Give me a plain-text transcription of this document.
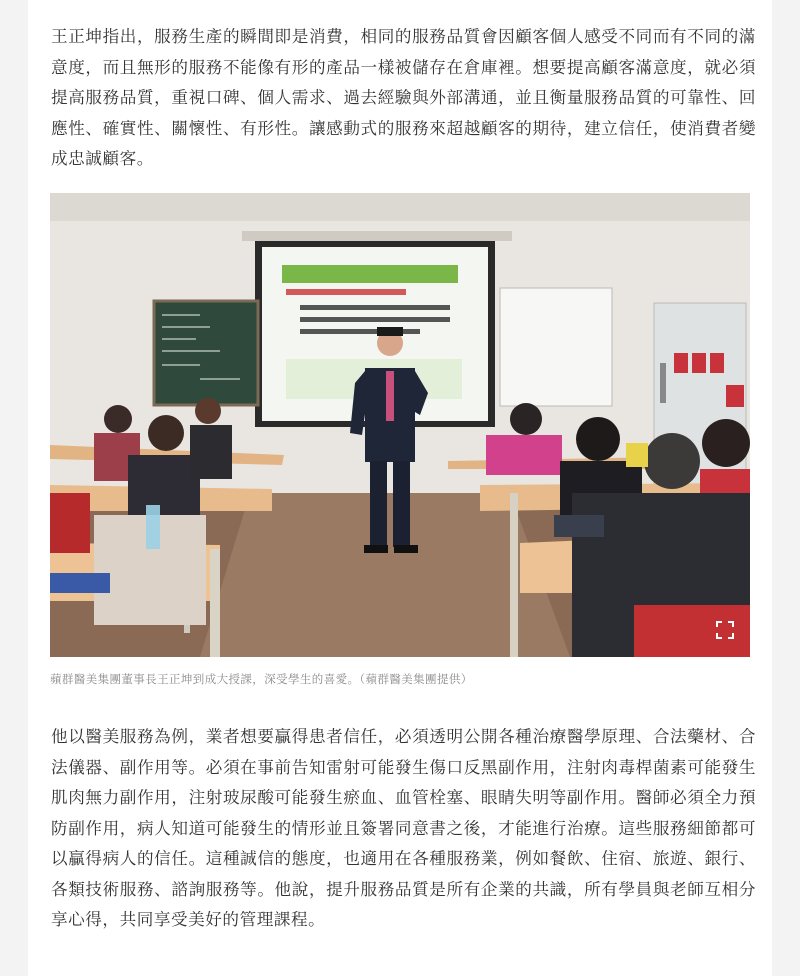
王正坤指出，服務生產的瞬間即是消費，相同的服務品質會因顧客個人感受不同而有不同的滿意度，而且無形的服務不能像有形的產品一樣被儲存在倉庫裡。想要提高顧客滿意度，就必須提高服務品質，重視口碑、個人需求、過去經驗與外部溝通，並且衡量服務品質的可靠性、回應性、確實性、關懷性、有形性。讓感動式的服務來超越顧客的期待，建立信任，使消費者變成忠誠顧客。

蘋群醫美集團董事長王正坤到成大授課，深受學生的喜愛。（蘋群醫美集團提供）

他以醫美服務為例，業者想要贏得患者信任，必須透明公開各種治療醫學原理、合法藥材、合法儀器、副作用等。必須在事前告知雷射可能發生傷口反黑副作用，注射肉毒桿菌素可能發生肌肉無力副作用，注射玻尿酸可能發生瘀血、血管栓塞、眼睛失明等副作用。醫師必須全力預防副作用，病人知道可能發生的情形並且簽署同意書之後，才能進行治療。這些服務細節都可以贏得病人的信任。這種誠信的態度，也適用在各種服務業，例如餐飲、住宿、旅遊、銀行、各類技術服務、諮詢服務等。他說，提升服務品質是所有企業的共識，所有學員與老師互相分享心得，共同享受美好的管理課程。
